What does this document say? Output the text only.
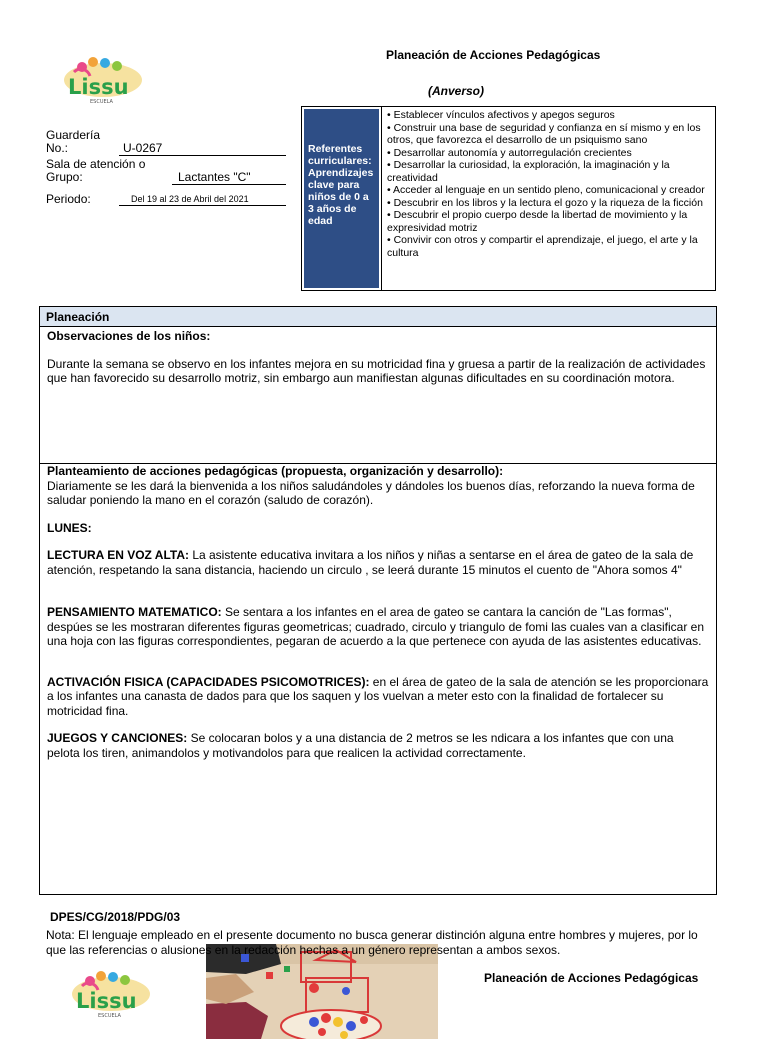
Planeación de Acciones Pedagógicas
(Anverso)
Lissu
ESCUELA
Guardería
No.:	U-0267
Sala de atención o
Grupo:	Lactantes "C"
Periodo:	Del 19 al 23 de Abril del 2021
Referentes curriculares: Aprendizajes clave para niños de 0 a 3 años de edad
• Establecer vínculos afectivos y apegos seguros
• Construir una base de seguridad y confianza en sí mismo y en los otros, que favorezca el desarrollo de un psiquismo sano
• Desarrollar autonomía y autorregulación crecientes
• Desarrollar la curiosidad, la exploración, la imaginación y la creatividad
• Acceder al lenguaje en un sentido pleno, comunicacional y creador
• Descubrir en los libros y la lectura el gozo y la riqueza de la ficción
• Descubrir el propio cuerpo desde la libertad de movimiento y la expresividad motriz
• Convivir con otros y compartir el aprendizaje, el juego, el arte y la cultura
Planeación

Observaciones de los niños:

Durante la semana se observo en los infantes mejora en su motricidad fina y gruesa a partir de la realización de actividades que han favorecido su desarrollo motriz, sin embargo aun manifiestan algunas dificultades en su coordinación motora.

Planteamiento de acciones pedagógicas (propuesta, organización y desarrollo):

Diariamente se les dará la bienvenida a los niños saludándoles y dándoles los buenos días, reforzando la nueva forma de saludar poniendo la mano en el corazón (saludo de corazón).

LUNES:

LECTURA EN VOZ ALTA: La asistente educativa invitara a los niños y niñas a sentarse en el área de gateo de la sala de atención, respetando la sana distancia, haciendo un circulo , se leerá durante 15 minutos el cuento de "Ahora somos 4"

PENSAMIENTO MATEMATICO: Se sentara a los infantes en el area de gateo se cantara la canción de "Las formas", despúes se les mostraran diferentes figuras geometricas; cuadrado, circulo y triangulo de fomi las cuales van a clasificar en una hoja con las figuras correspondientes, pegaran de acuerdo a la que pertenece con ayuda de las asistentes educativas.

ACTIVACIÓN FISICA (CAPACIDADES PSICOMOTRICES): en el área de gateo de la sala de atención se les proporcionara a los infantes una canasta de dados para que los saquen y los vuelvan a meter esto con la finalidad de fortalecer su motricidad fina.

JUEGOS Y CANCIONES: Se colocaran bolos y a una distancia de 2 metros se les ndicara a los infantes que con una pelota los tiren, animandolos y motivandolos para que realicen la actividad correctamente.

DPES/CG/2018/PDG/03
Nota: El lenguaje empleado en el presente documento no busca generar distinción alguna entre hombres y mujeres, por lo que las referencias o alusiones en la redacción hechas a un género representan a ambos sexos.
Planeación de Acciones Pedagógicas
Lissu
ESCUELA
